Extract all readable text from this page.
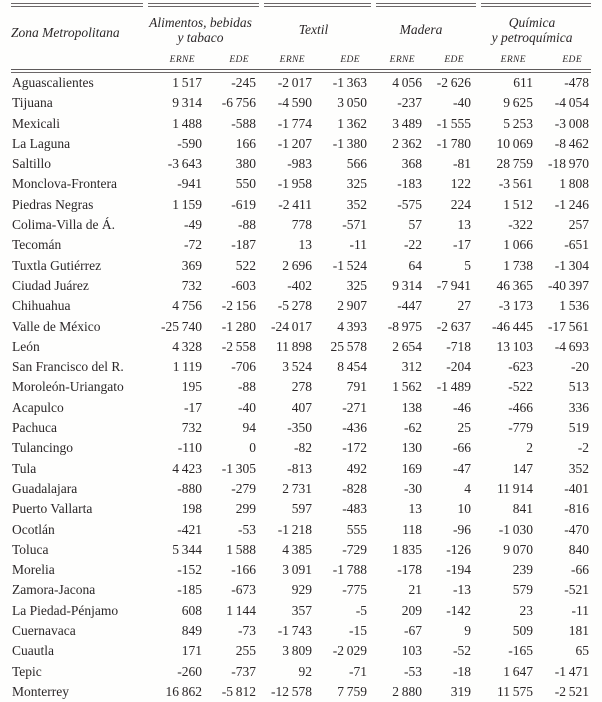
Zona Metropolitana	Alimentos, bebidas
y tabaco		Textil		Madera		Química
y petroquímica	

	ERNE	EDE	ERNE	EDE	ERNE	EDE	ERNE	EDE
Aguascalientes	1 517	-245	-2 017	-1 363	4 056	-2 626	611	-478
Tijuana	9 314	-6 756	-4 590	3 050	-237	-40	9 625	-4 054
Mexicali	1 488	-588	-1 774	1 362	3 489	-1 555	5 253	-3 008
La Laguna	-590	166	-1 207	-1 380	2 362	-1 780	10 069	-8 462
Saltillo	-3 643	380	-983	566	368	-81	28 759	-18 970
Monclova-Frontera	-941	550	-1 958	325	-183	122	-3 561	1 808
Piedras Negras	1 159	-619	-2 411	352	-575	224	1 512	-1 246
Colima-Villa de Á.	-49	-88	778	-571	57	13	-322	257
Tecomán	-72	-187	13	-11	-22	-17	1 066	-651
Tuxtla Gutiérrez	369	522	2 696	-1 524	64	5	1 738	-1 304
Ciudad Juárez	732	-603	-402	325	9 314	-7 941	46 365	-40 397
Chihuahua	4 756	-2 156	-5 278	2 907	-447	27	-3 173	1 536
Valle de México	-25 740	-1 280	-24 017	4 393	-8 975	-2 637	-46 445	-17 561
León	4 328	-2 558	11 898	25 578	2 654	-718	13 103	-4 693
San Francisco del R.	1 119	-706	3 524	8 454	312	-204	-623	-20
Moroleón-Uriangato	195	-88	278	791	1 562	-1 489	-522	513
Acapulco	-17	-40	407	-271	138	-46	-466	336
Pachuca	732	94	-350	-436	-62	25	-779	519
Tulancingo	-110	0	-82	-172	130	-66	2	-2
Tula	4 423	-1 305	-813	492	169	-47	147	352
Guadalajara	-880	-279	2 731	-828	-30	4	11 914	-401
Puerto Vallarta	198	299	597	-483	13	10	841	-816
Ocotlán	-421	-53	-1 218	555	118	-96	-1 030	-470
Toluca	5 344	1 588	4 385	-729	1 835	-126	9 070	840
Morelia	-152	-166	3 091	-1 788	-178	-194	239	-66
Zamora-Jacona	-185	-673	929	-775	21	-13	579	-521
La Piedad-Pénjamo	608	1 144	357	-5	209	-142	23	-11
Cuernavaca	849	-73	-1 743	-15	-67	9	509	181
Cuautla	171	255	3 809	-2 029	103	-52	-165	65
Tepic	-260	-737	92	-71	-53	-18	1 647	-1 471
Monterrey	16 862	-5 812	-12 578	7 759	2 880	319	11 575	-2 521
